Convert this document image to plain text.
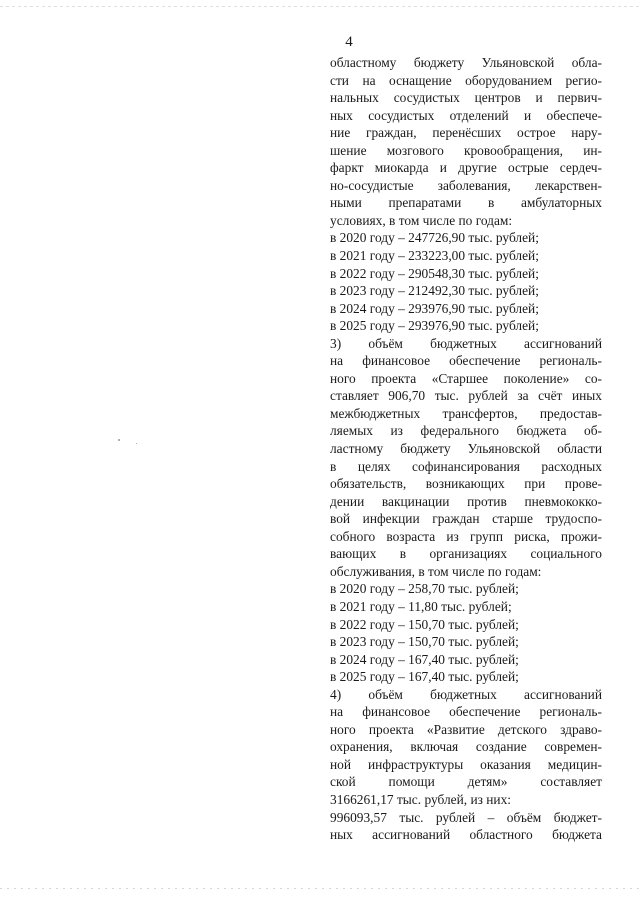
4
областному бюджету Ульяновской обла-
сти на оснащение оборудованием регио-
нальных сосудистых центров и первич-
ных сосудистых отделений и обеспече-
ние граждан, перенёсших острое нару-
шение мозгового кровообращения, ин-
фаркт миокарда и другие острые сердеч-
но-сосудистые заболевания, лекарствен-
ными препаратами в амбулаторных
условиях, в том числе по годам:
в 2020 году – 247726,90 тыс. рублей;
в 2021 году – 233223,00 тыс. рублей;
в 2022 году – 290548,30 тыс. рублей;
в 2023 году – 212492,30 тыс. рублей;
в 2024 году – 293976,90 тыс. рублей;
в 2025 году – 293976,90 тыс. рублей;
3) объём бюджетных ассигнований
на финансовое обеспечение региональ-
ного проекта «Старшее поколение» со-
ставляет 906,70 тыс. рублей за счёт иных
межбюджетных трансфертов, предостав-
ляемых из федерального бюджета об-
ластному бюджету Ульяновской области
в целях софинансирования расходных
обязательств, возникающих при прове-
дении вакцинации против пневмококко-
вой инфекции граждан старше трудоспо-
собного возраста из групп риска, прожи-
вающих в организациях социального
обслуживания, в том числе по годам:
в 2020 году – 258,70 тыс. рублей;
в 2021 году – 11,80 тыс. рублей;
в 2022 году – 150,70 тыс. рублей;
в 2023 году – 150,70 тыс. рублей;
в 2024 году – 167,40 тыс. рублей;
в 2025 году – 167,40 тыс. рублей;
4) объём бюджетных ассигнований
на финансовое обеспечение региональ-
ного проекта «Развитие детского здраво-
охранения, включая создание современ-
ной инфраструктуры оказания медицин-
ской помощи детям» составляет
3166261,17 тыс. рублей, из них:
996093,57 тыс. рублей – объём бюджет-
ных ассигнований областного бюджета
